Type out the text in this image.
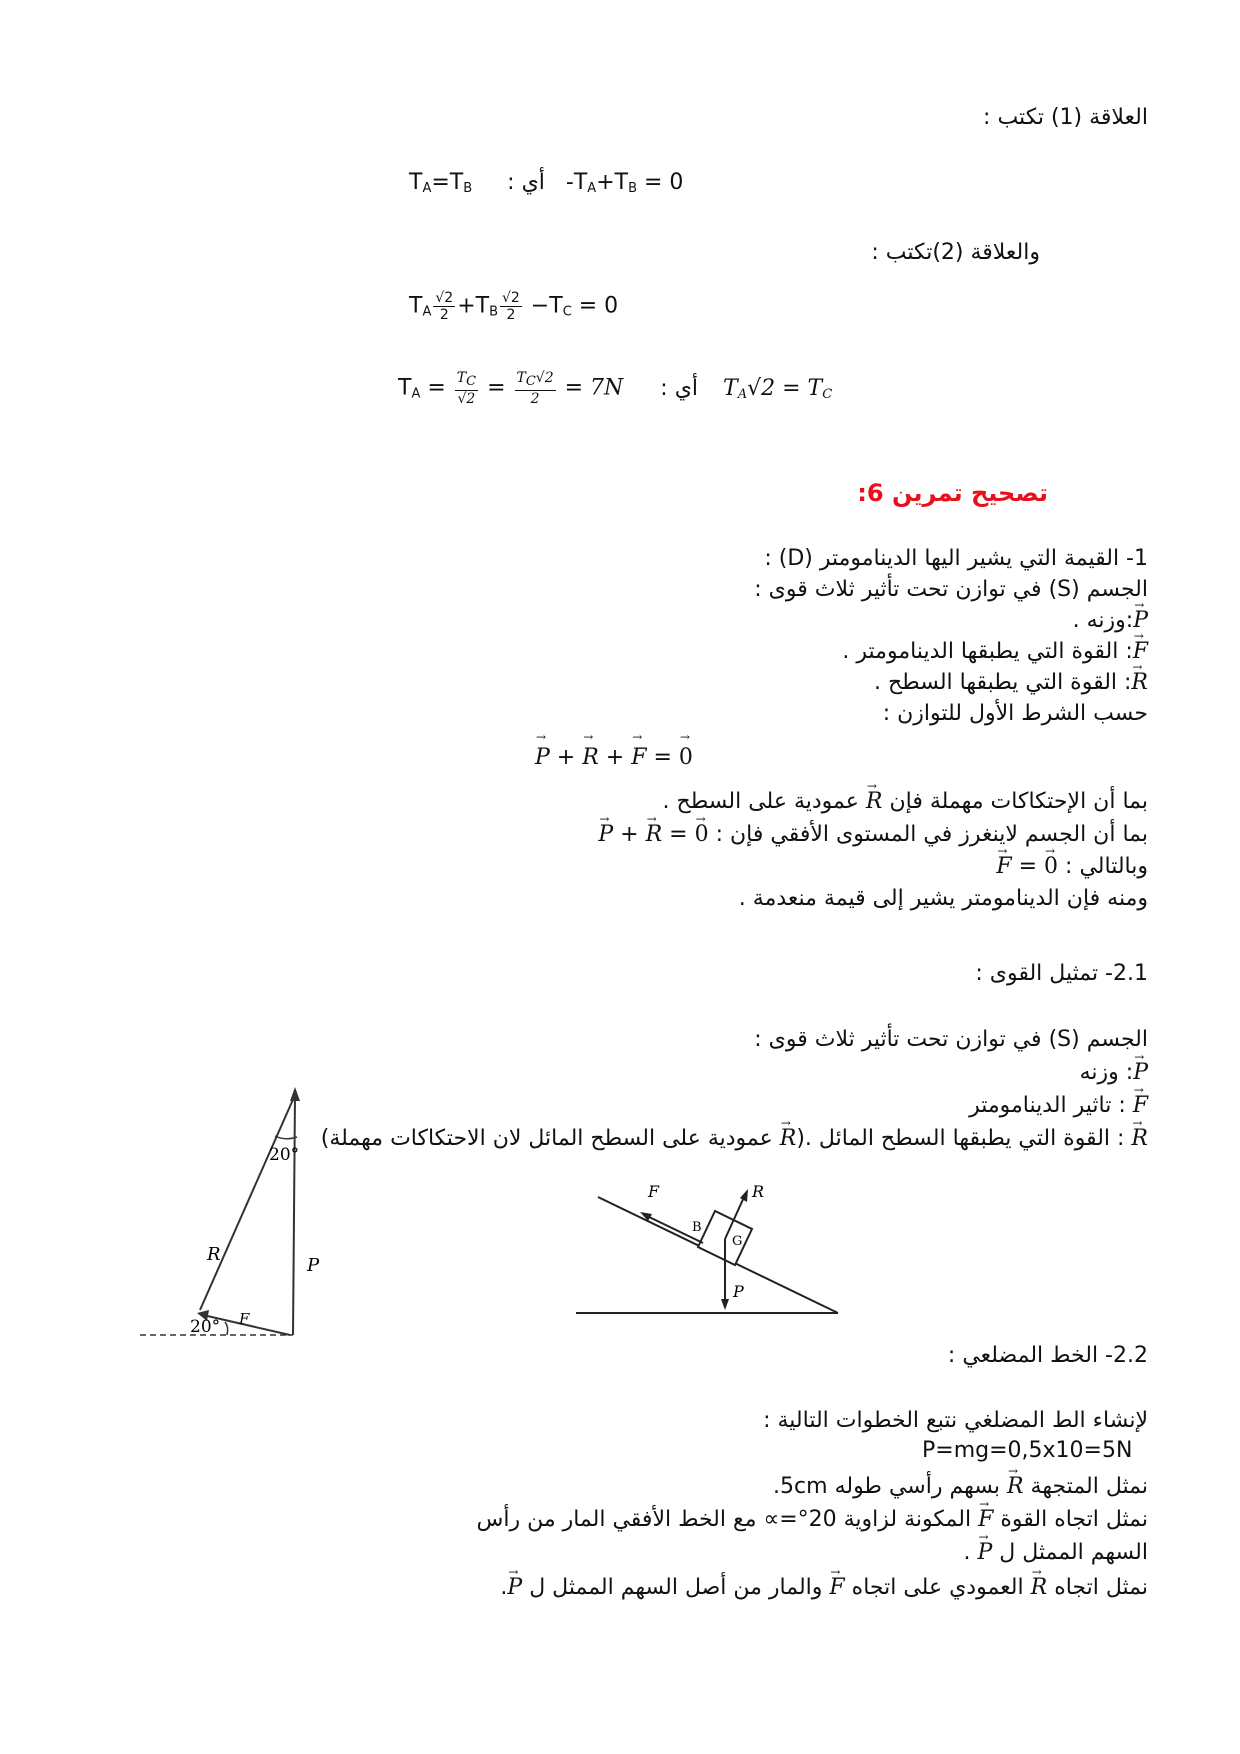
العلاقة (1) تكتب :
$T_A=T_B$ : أي $-T_A+T_B = 0$
والعلاقة (2)تكتب :
$T_A \frac{√2}{2} +T_B \frac{√2}{2} -T_C = 0$
$T_A = \frac{T_C}{√2} = \frac{T_C√2}{2} = 7N$ : أي $T_A√2 = T_C$
تصحيح تمرين 6:
1- القيمة التي يشير اليها الدينامومتر (D) :
الجسم (S) في توازن تحت تأثير ثلاث قوى :
→ P:وزنه .
→ F: القوة التي يطبقها الدينامومتر .
→ R: القوة التي يطبقها السطح .
حسب الشرط الأول للتوازن :
→ P + → R + → F = → 0
بما أن الإحتكاكات مهملة فإن → R عمودية على السطح .
بما أن الجسم لاينغرز في المستوى الأفقي فإن : → P + → R = → 0
وبالتالي : → F = → 0
ومنه فإن الدينامومتر يشير إلى قيمة منعدمة .
2.1- تمثيل القوى :
الجسم (S) في توازن تحت تأثير ثلاث قوى :
→ P: وزنه
→ F : تاثير الدينامومتر
→ R : القوة التي يطبقها السطح المائل .(→ R عمودية على السطح المائل لان الاحتكاكات مهملة)
F	R
P
B
G
R
P
F
20°
20°
2.2- الخط المضلعي :
لإنشاء الط المضلغي نتبع الخطوات التالية :
P=mg=0,5x10=5N
نمثل المتجهة → R بسهم رأسي طوله 5cm.
نمثل اتجاه القوة → F المكونة لزاوية 20°=∝ مع الخط الأفقي المار من رأس
السهم الممثل ل → P .
نمثل اتجاه → R العمودي على اتجاه → F والمار من أصل السهم الممثل ل → P.
